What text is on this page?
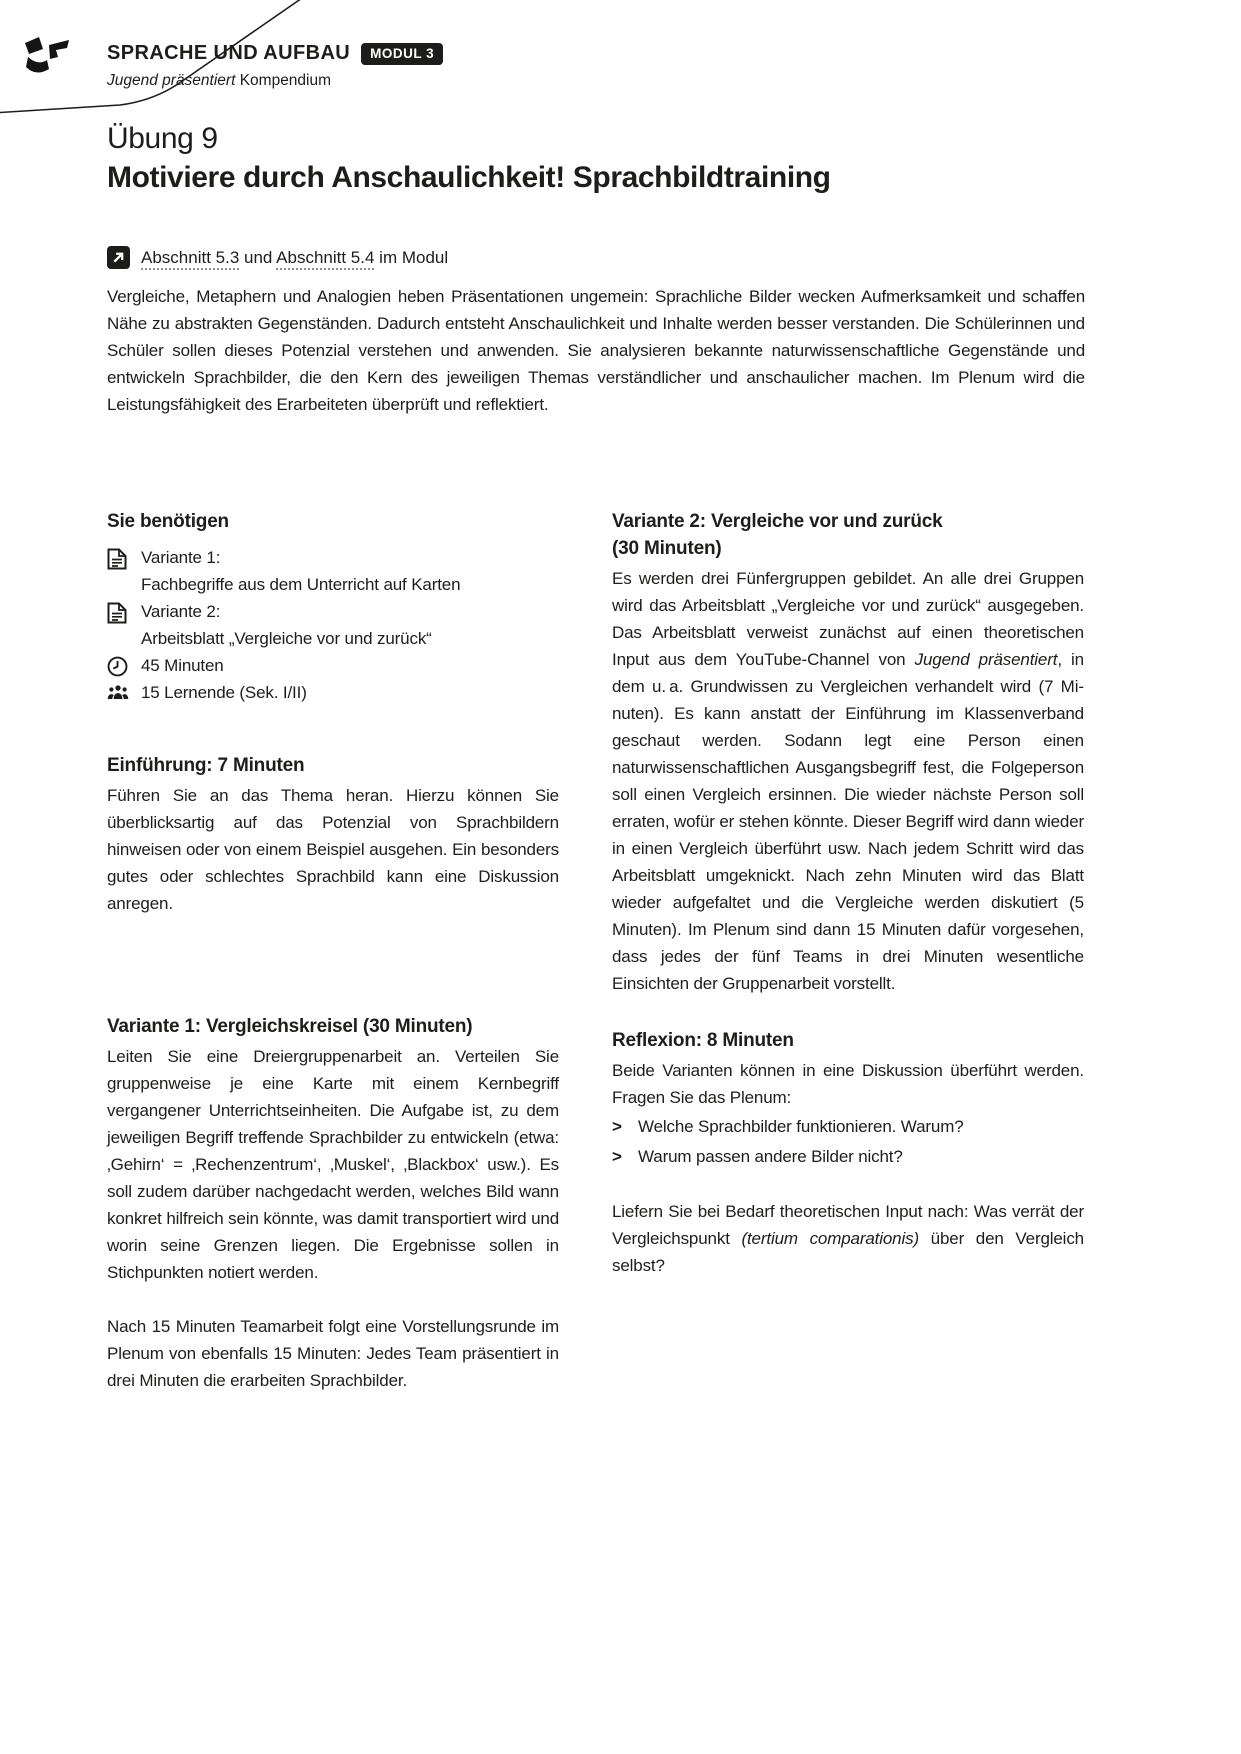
SPRACHE UND AUFBAU	MODUL 3
Jugend präsentiert Kompendium
Übung 9
Motiviere durch Anschaulichkeit! Sprachbildtraining
Abschnitt 5.3 und Abschnitt 5.4 im Modul

Vergleiche, Metaphern und Analogien heben Präsentationen ungemein: Sprachliche Bilder wecken Aufmerksamkeit und schaffen Nähe zu abstrakten Gegenständen. Dadurch entsteht Anschaulichkeit und Inhalte werden besser verstanden. Die Schülerinnen und Schüler sollen dieses Potenzial verstehen und anwenden. Sie analysieren bekannte naturwissenschaftliche Gegenstände und entwickeln Sprachbilder, die den Kern des jeweiligen Themas verständlicher und anschaulicher machen. Im Plenum wird die Leistungsfähigkeit des Erarbeiteten überprüft und reflektiert.

Sie benötigen
Variante 1:
Fachbegriffe aus dem Unterricht auf Karten
Variante 2:
Arbeitsblatt „Vergleiche vor und zurück“
45 Minuten
15 Lernende (Sek. I/II)
Einführung: 7 Minuten

Führen Sie an das Thema heran. Hierzu können Sie überblicksartig auf das Potenzial von Sprachbildern hinweisen oder von einem Beispiel ausgehen. Ein besonders gutes oder schlechtes Sprachbild kann eine Diskussion anregen.

Variante 1: Vergleichskreisel (30 Minuten)

Leiten Sie eine Dreiergruppenarbeit an. Verteilen Sie gruppenweise je eine Karte mit einem Kernbegriff vergangener Unterrichtseinheiten. Die Aufgabe ist, zu dem jeweiligen Begriff treffende Sprachbilder zu entwickeln (etwa: ‚Gehirn‘ = ‚Rechenzentrum‘, ‚Muskel‘, ‚Blackbox‘ usw.). Es soll zudem darüber nachgedacht werden, welches Bild wann konkret hilfreich sein könnte, was damit transportiert wird und worin seine Grenzen liegen. Die Ergebnisse sollen in Stichpunkten notiert werden.

Nach 15 Minuten Teamarbeit folgt eine Vorstellungsrunde im Plenum von ebenfalls 15 Minuten: Jedes Team präsentiert in drei Minuten die erarbeiten Sprachbilder.

Variante 2: Vergleiche vor und zurück
(30 Minuten)

Es werden drei Fünfergruppen gebildet. An alle drei Gruppen wird das Arbeitsblatt „Vergleiche vor und zurück“ ausgegeben. Das Arbeitsblatt verweist zunächst auf einen theoretischen Input aus dem YouTube-Channel von Jugend präsentiert, in dem u. a. Grundwissen zu Vergleichen verhandelt wird (7 Minuten). Es kann anstatt der Einführung im Klassenverband geschaut werden. Sodann legt eine Person einen naturwissenschaftlichen Ausgangsbegriff fest, die Folgeperson soll einen Vergleich ersinnen. Die wieder nächste Person soll erraten, wofür er stehen könnte. Dieser Begriff wird dann wieder in einen Vergleich überführt usw. Nach jedem Schritt wird das Arbeitsblatt umgeknickt. Nach zehn Minuten wird das Blatt wieder aufgefaltet und die Vergleiche werden diskutiert (5 Minuten). Im Plenum sind dann 15 Minuten dafür vorgesehen, dass jedes der fünf Teams in drei Minuten wesentliche Einsichten der Gruppenarbeit vorstellt.

Reflexion: 8 Minuten

Beide Varianten können in eine Diskussion überführt werden. Fragen Sie das Plenum:

> Welche Sprachbilder funktionieren. Warum?
> Warum passen andere Bilder nicht?

Liefern Sie bei Bedarf theoretischen Input nach: Was verrät der Vergleichspunkt (tertium comparationis) über den Vergleich selbst?
